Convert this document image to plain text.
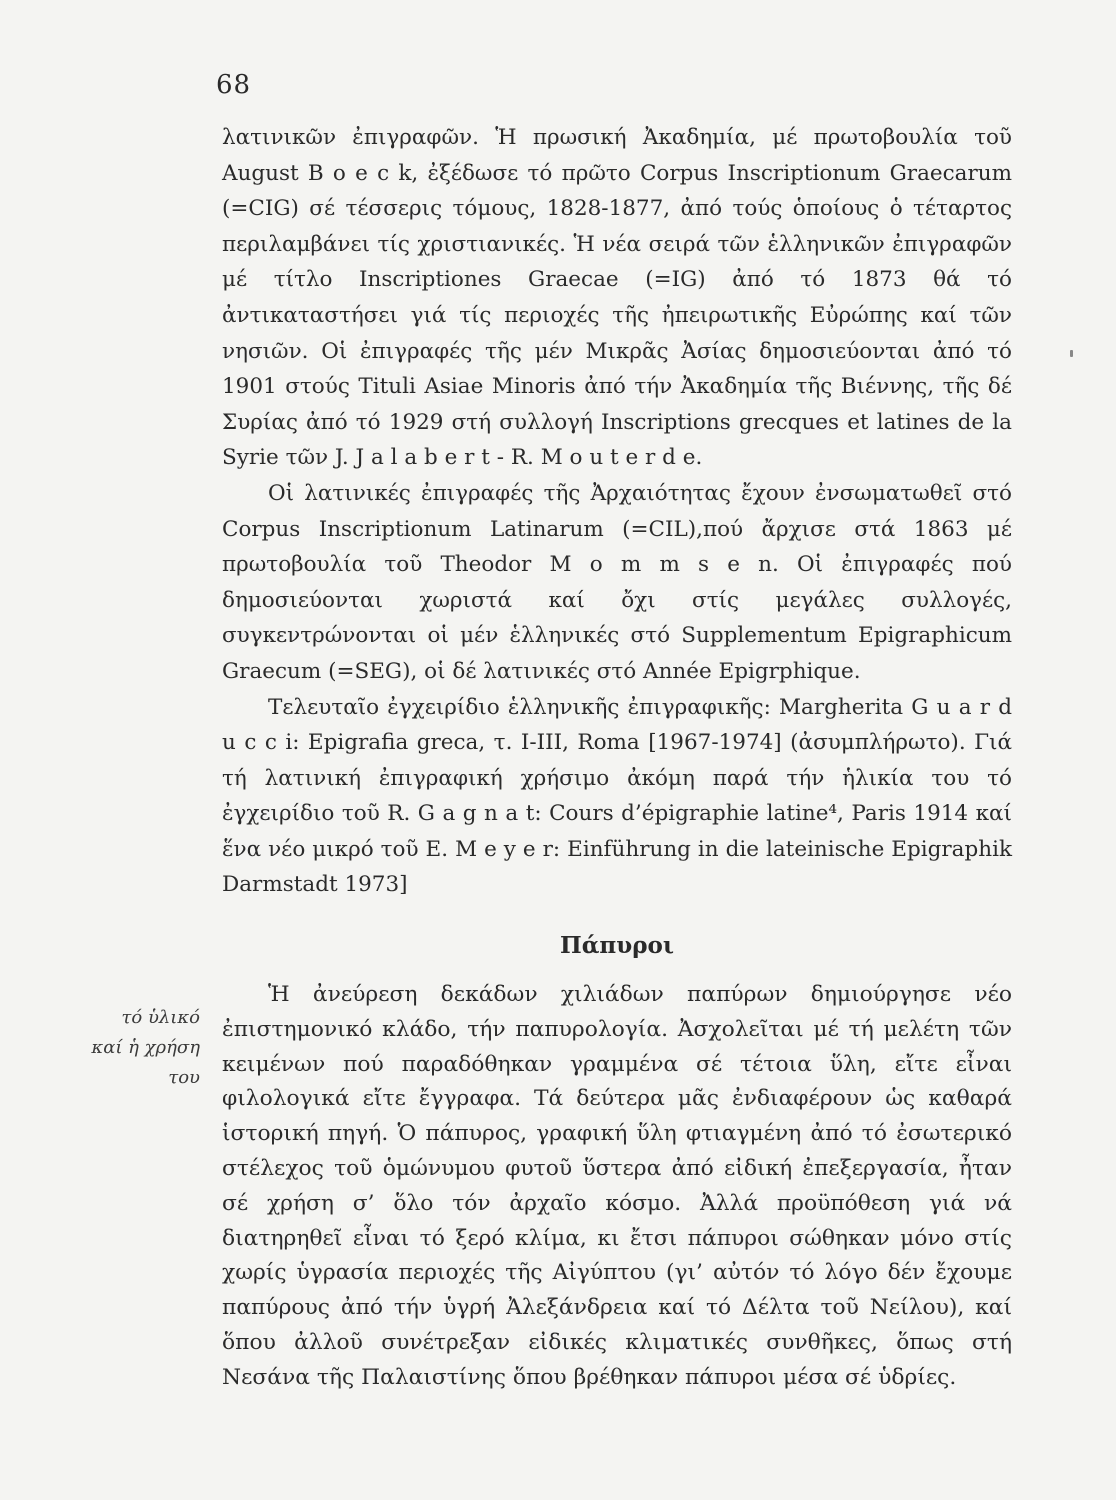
68

λατινικῶν ἐπιγραφῶν. Ἡ πρωσική Ἀκαδημία, μέ πρωτοβουλία τοῦ August B o e c k, ἐξέδωσε τό πρῶτο Corpus Inscriptionum Graecarum (=CIG) σέ τέσσερις τόμους, 1828-1877, ἀπό τούς ὁποίους ὁ τέταρτος περιλαμβάνει τίς χριστιανικές. Ἡ νέα σειρά τῶν ἑλληνικῶν ἐπιγραφῶν μέ τίτλο Inscriptiones Graecae (=IG) ἀπό τό 1873 θά τό ἀντικαταστήσει γιά τίς περιοχές τῆς ἠπειρωτικῆς Εὐρώπης καί τῶν νησιῶν. Οἱ ἐπιγραφές τῆς μέν Μικρᾶς Ἀσίας δημοσιεύονται ἀπό τό 1901 στούς Tituli Asiae Minoris ἀπό τήν Ἀκαδημία τῆς Βιέννης, τῆς δέ Συρίας ἀπό τό 1929 στή συλλογή Inscriptions grecques et latines de la Syrie τῶν J. J a l a b e r t - R. M o u t e r d e.

Οἱ λατινικές ἐπιγραφές τῆς Ἀρχαιότητας ἔχουν ἐνσωματωθεῖ στό Corpus Inscriptionum Latinarum (=CIL),πού ἄρχισε στά 1863 μέ πρωτοβουλία τοῦ Theodor M o m m s e n. Οἱ ἐπιγραφές πού δημοσιεύονται χωριστά καί ὄχι στίς μεγάλες συλλογές, συγκεντρώνονται οἱ μέν ἑλληνικές στό Supplementum Epigraphicum Graecum (=SEG), οἱ δέ λατινικές στό Année Epigrphique.

Τελευταῖο ἐγχειρίδιο ἑλληνικῆς ἐπιγραφικῆς: Margherita G u a r d u c c i: Epigrafia greca, τ. I-III, Roma [1967-1974] (ἀσυμπλήρωτο). Γιά τή λατινική ἐπιγραφική χρήσιμο ἀκόμη παρά τήν ἡλικία του τό ἐγχειρίδιο τοῦ R. G a g n a t: Cours d’épigraphie latine⁴, Paris 1914 καί ἕνα νέο μικρό τοῦ E. M e y e r: Einführung in die lateinische Epigraphik Darmstadt 1973]

Πάπυροι
τό ὑλικό
καί ἡ χρήση
του

Ἡ ἀνεύρεση δεκάδων χιλιάδων παπύρων δημιούργησε νέο ἐπιστημονικό κλάδο, τήν παπυρολογία. Ἀσχολεῖται μέ τή μελέτη τῶν κειμένων πού παραδόθηκαν γραμμένα σέ τέτοια ὕλη, εἴτε εἶναι φιλολογικά εἴτε ἔγγραφα. Τά δεύτερα μᾶς ἐνδιαφέρουν ὡς καθαρά ἱστορική πηγή. Ὁ πάπυρος, γραφική ὕλη φτιαγμένη ἀπό τό ἐσωτερικό στέλεχος τοῦ ὁμώνυμου φυτοῦ ὕστερα ἀπό εἰδική ἐπεξεργασία, ἦταν σέ χρήση σ’ ὅλο τόν ἀρχαῖο κόσμο. Ἀλλά προϋπόθεση γιά νά διατηρηθεῖ εἶναι τό ξερό κλίμα, κι ἔτσι πάπυροι σώθηκαν μόνο στίς χωρίς ὑγρασία περιοχές τῆς Αἰγύπτου (γι’ αὐτόν τό λόγο δέν ἔχουμε παπύρους ἀπό τήν ὑγρή Ἀλεξάνδρεια καί τό Δέλτα τοῦ Νείλου), καί ὅπου ἀλλοῦ συνέτρεξαν εἰδικές κλιματικές συνθῆκες, ὅπως στή Νεσάνα τῆς Παλαιστίνης ὅπου βρέθηκαν πάπυροι μέσα σέ ὑδρίες.
